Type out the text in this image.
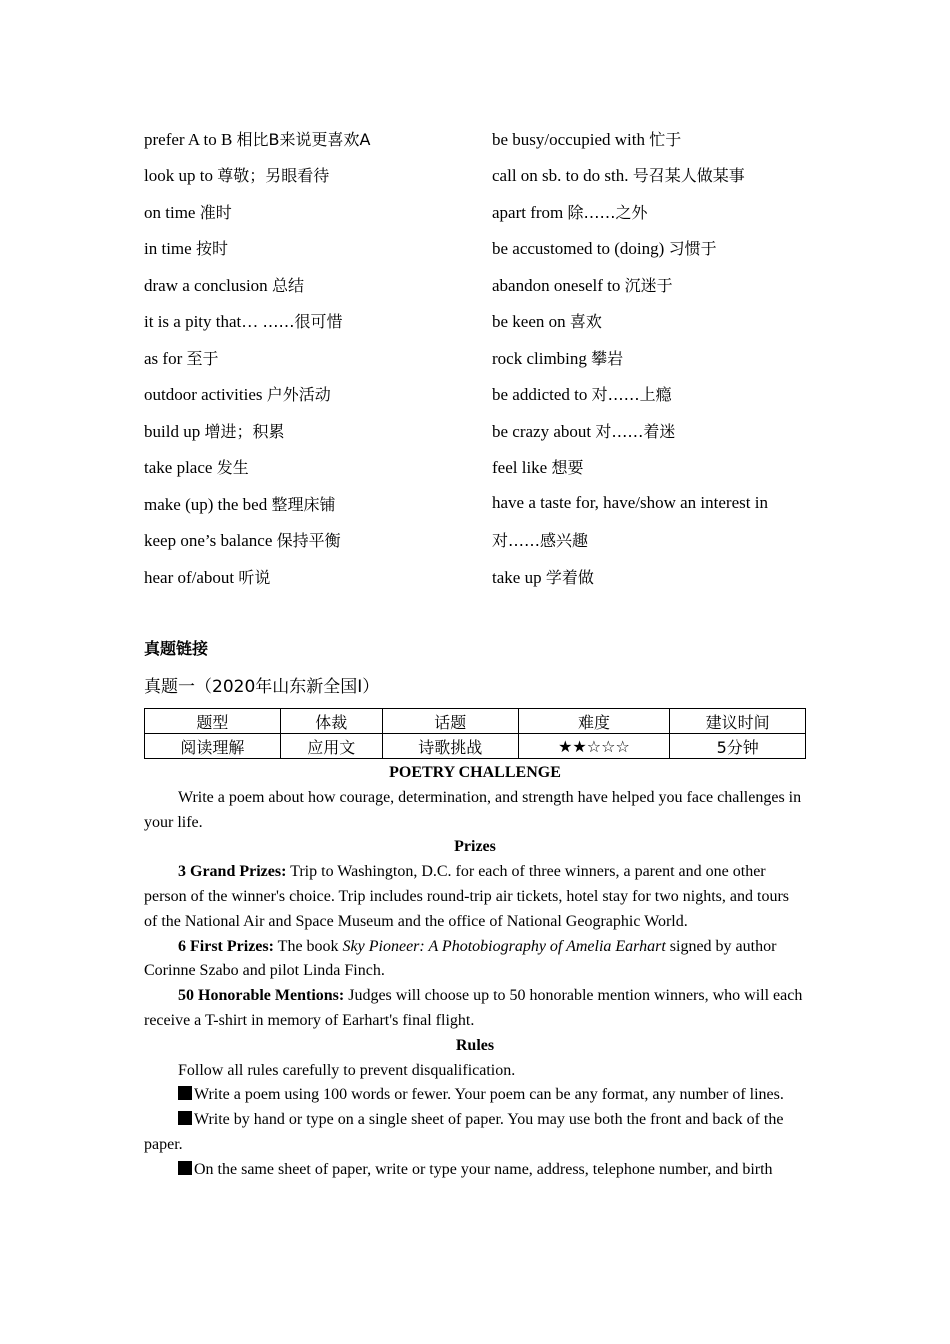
prefer A to B 相比B来说更喜欢A	be busy/occupied with 忙于
look up to 尊敬；另眼看待	call on sb. to do sth. 号召某人做某事
on time 准时	apart from 除……之外
in time 按时	be accustomed to (doing) 习惯于
draw a conclusion 总结	abandon oneself to 沉迷于
it is a pity that… ……很可惜	be keen on 喜欢
as for 至于	rock climbing 攀岩
outdoor activities 户外活动	be addicted to 对……上瘾
build up 增进；积累	be crazy about 对……着迷
take place 发生	feel like 想要
make (up) the bed 整理床铺	have a taste for, have/show an interest in
keep one’s balance 保持平衡	对……感兴趣
hear of/about 听说	take up 学着做
真题链接
真题一（2020年山东新全国Ⅰ）
题型	体裁	话题	难度	建议时间
阅读理解	应用文	诗歌挑战	★★☆☆☆	5分钟

POETRY CHALLENGE

Write a poem about how courage, determination, and strength have helped you face challenges in your life.

Prizes

3 Grand Prizes: Trip to Washington, D.C. for each of three winners, a parent and one other person of the winner's choice. Trip includes round-trip air tickets, hotel stay for two nights, and tours of the National Air and Space Museum and the office of National Geographic World.

6 First Prizes: The book Sky Pioneer: A Photobiography of Amelia Earhart signed by author Corinne Szabo and pilot Linda Finch.

50 Honorable Mentions: Judges will choose up to 50 honorable mention winners, who will each receive a T-shirt in memory of Earhart's final flight.

Rules

Follow all rules carefully to prevent disqualification.

Write a poem using 100 words or fewer. Your poem can be any format, any number of lines.

Write by hand or type on a single sheet of paper. You may use both the front and back of the paper.

On the same sheet of paper, write or type your name, address, telephone number, and birth
